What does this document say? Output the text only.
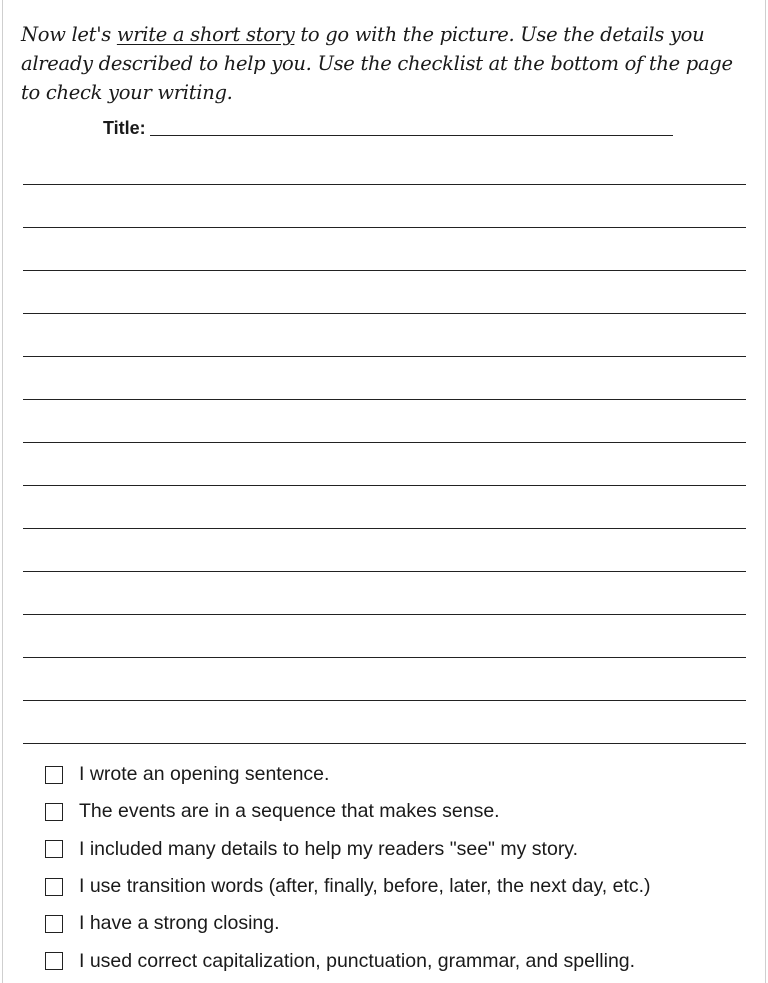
Now let's write a short story to go with the picture. Use the details you already described to help you. Use the checklist at the bottom of the page to check your writing.
Title:
I wrote an opening sentence.
The events are in a sequence that makes sense.
I included many details to help my readers "see" my story.
I use transition words (after, finally, before, later, the next day, etc.)
I have a strong closing.
I used correct capitalization, punctuation, grammar, and spelling.
